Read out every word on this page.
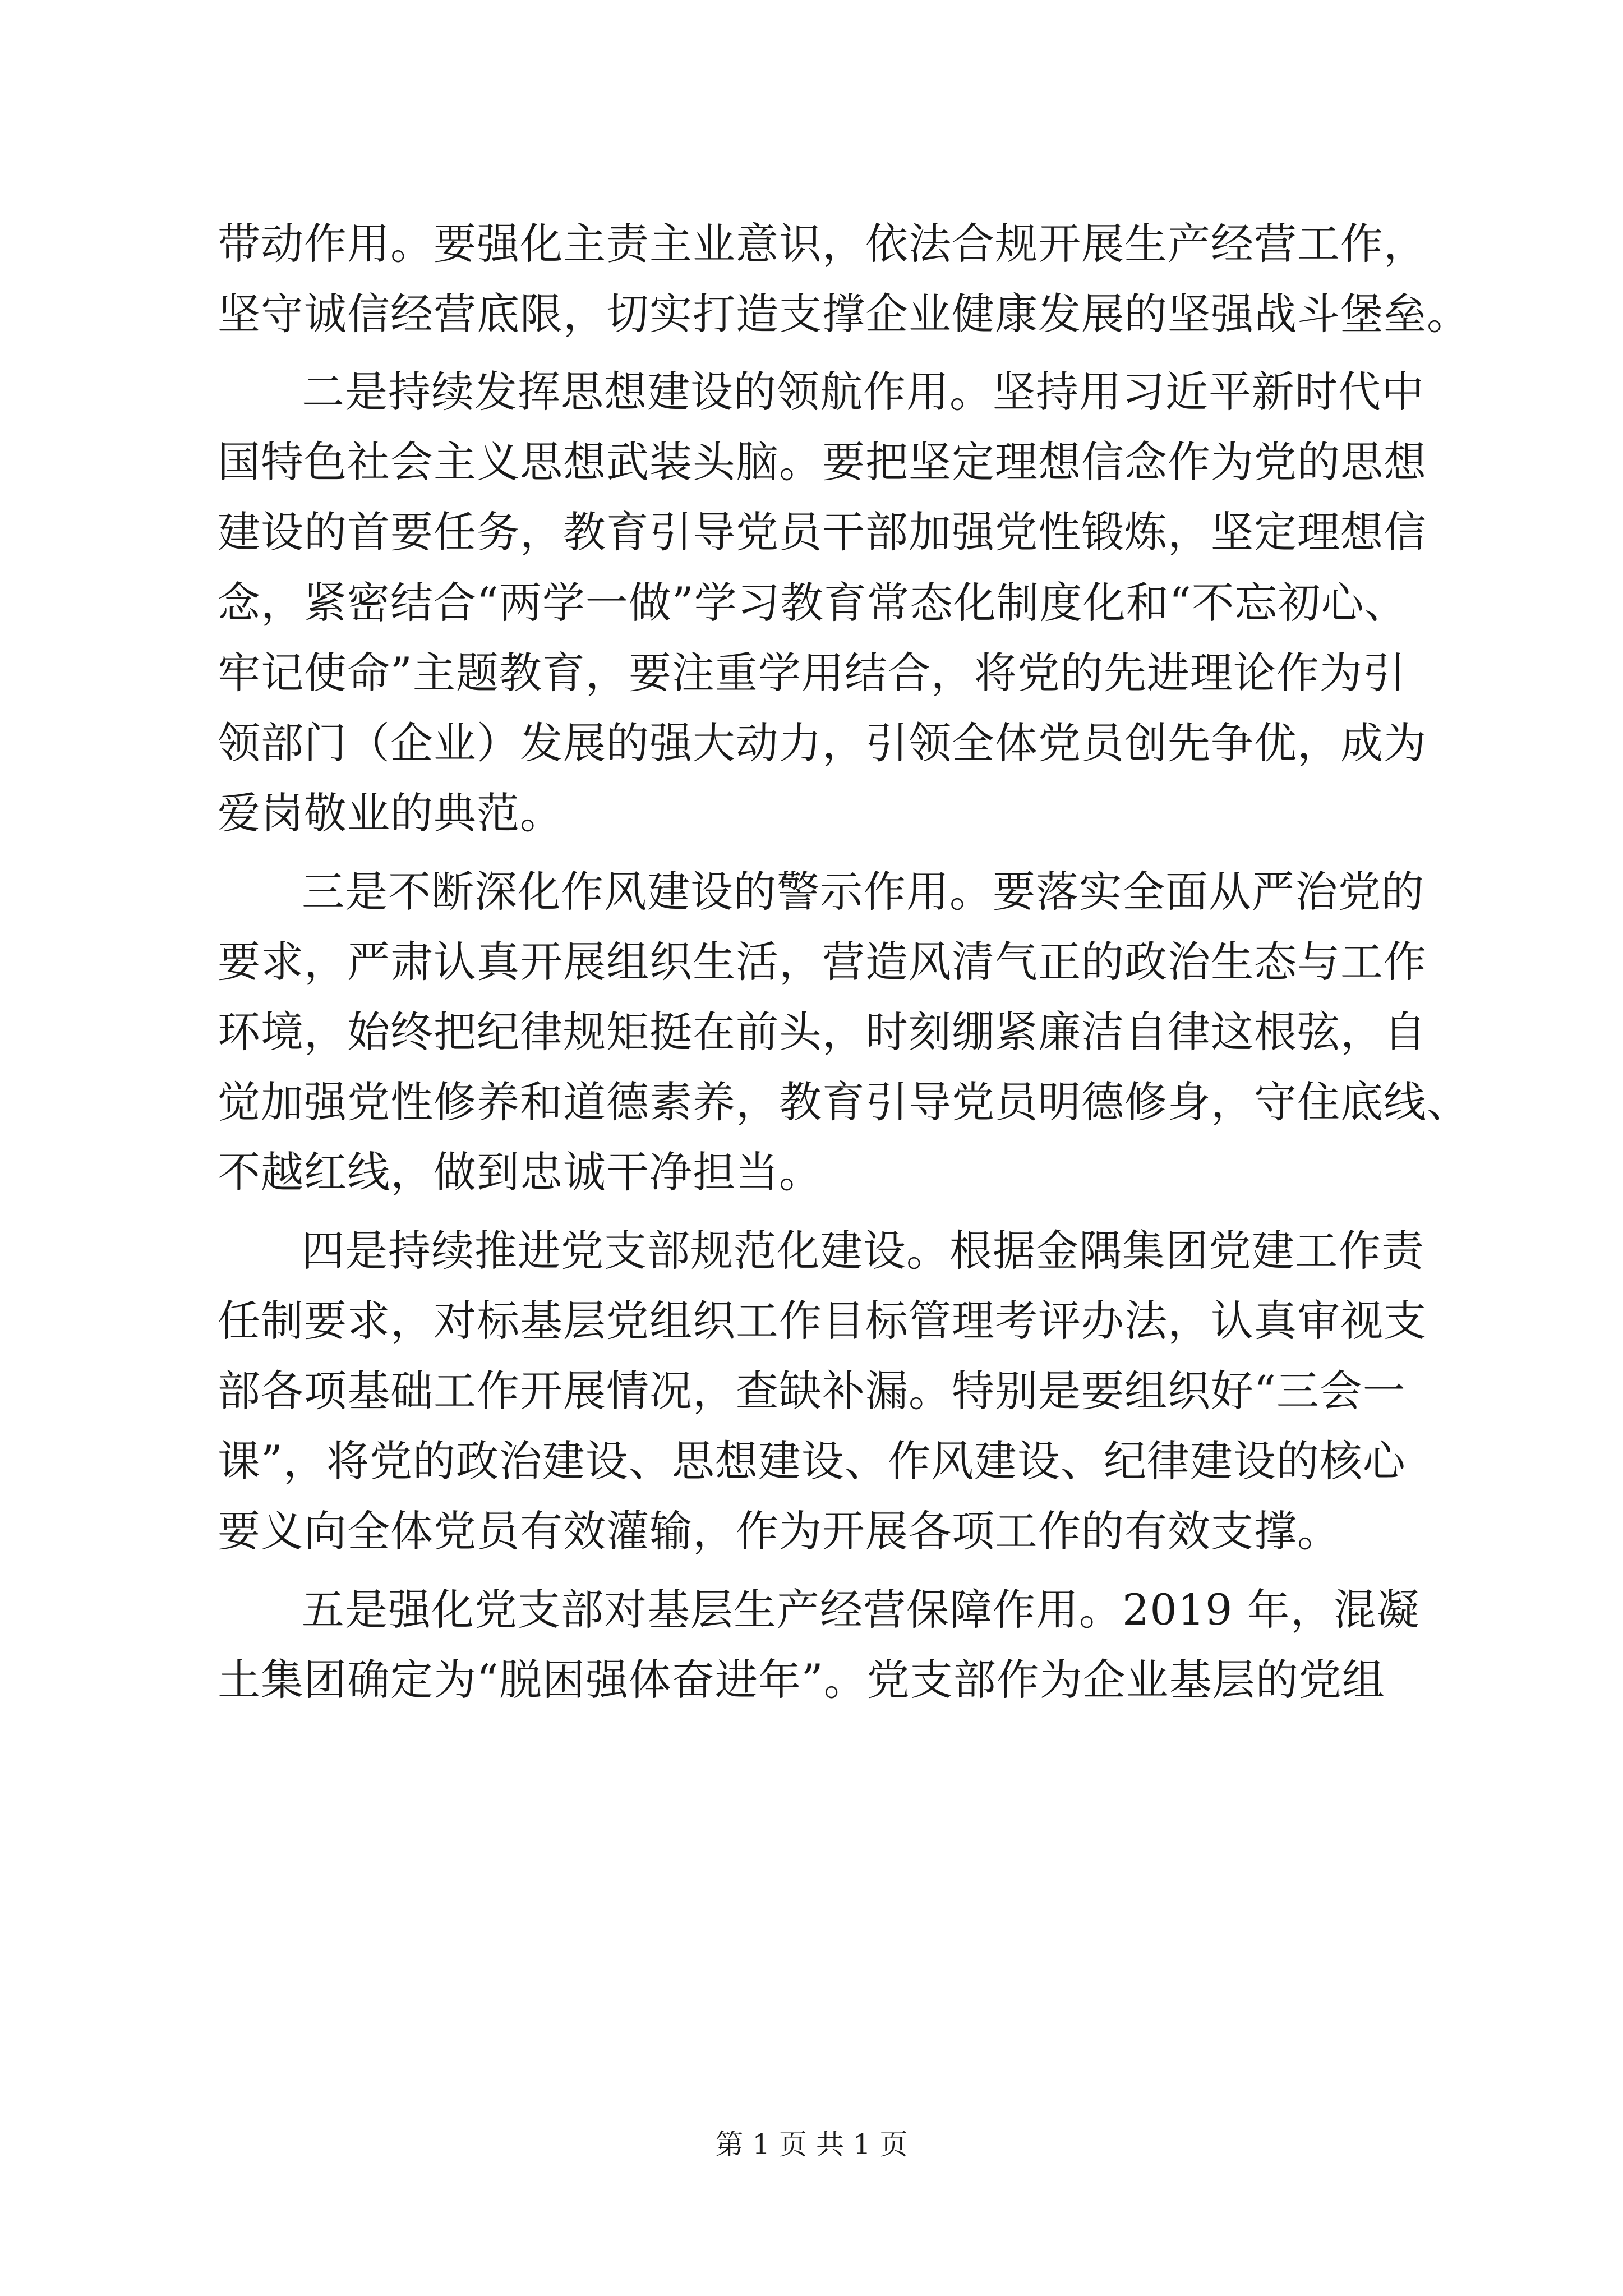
带动作用。要强化主责主业意识，依法合规开展生产经营工作，
坚守诚信经营底限，切实打造支撑企业健康发展的坚强战斗堡垒。
二是持续发挥思想建设的领航作用。坚持用习近平新时代中
国特色社会主义思想武装头脑。要把坚定理想信念作为党的思想
建设的首要任务，教育引导党员干部加强党性锻炼，坚定理想信
念，紧密结合“两学一做”学习教育常态化制度化和“不忘初心、
牢记使命”主题教育，要注重学用结合，将党的先进理论作为引
领部门（企业）发展的强大动力，引领全体党员创先争优，成为
爱岗敬业的典范。
三是不断深化作风建设的警示作用。要落实全面从严治党的
要求，严肃认真开展组织生活，营造风清气正的政治生态与工作
环境，始终把纪律规矩挺在前头，时刻绷紧廉洁自律这根弦，自
觉加强党性修养和道德素养，教育引导党员明德修身，守住底线、
不越红线，做到忠诚干净担当。
四是持续推进党支部规范化建设。根据金隅集团党建工作责
任制要求，对标基层党组织工作目标管理考评办法，认真审视支
部各项基础工作开展情况，查缺补漏。特别是要组织好“三会一
课”，将党的政治建设、思想建设、作风建设、纪律建设的核心
要义向全体党员有效灌输，作为开展各项工作的有效支撑。
五是强化党支部对基层生产经营保障作用。2019 年，混凝
土集团确定为“脱困强体奋进年”。党支部作为企业基层的党组
第 1 页 共 1 页
